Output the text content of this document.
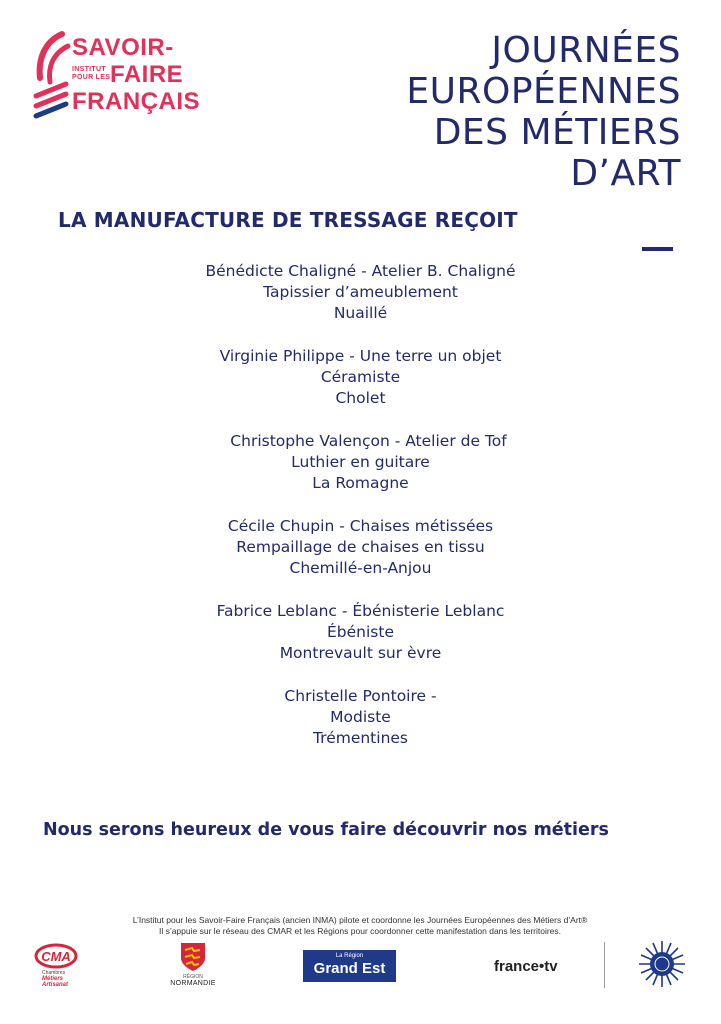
SAVOIR-
INSTITUT
POUR LES FAIRE
FRANÇAIS
JOURNÉES
EUROPÉENNES
DES MÉTIERS
D’ART
LA MANUFACTURE DE TRESSAGE REÇOIT
Bénédicte Chaligné - Atelier B. Chaligné
Tapissier d’ameublement
Nuaillé
Virginie Philippe - Une terre un objet
Céramiste
Cholet
Christophe Valençon - Atelier de Tof
Luthier en guitare
La Romagne
Cécile Chupin - Chaises métissées
Rempaillage de chaises en tissu
Chemillé-en-Anjou
Fabrice Leblanc - Ébénisterie Leblanc
Ébéniste
Montrevault sur èvre
Christelle Pontoire -
Modiste
Trémentines
Nous serons heureux de vous faire découvrir nos métiers
L’Institut pour les Savoir-Faire Français (ancien INMA) pilote et coordonne les Journées Européennes des Métiers d’Art®
Il s’appuie sur le réseau des CMAR et les Régions pour coordonner cette manifestation dans les territoires.
CMA
Chambres
Métiers
Artisanat
RÉGION
NORMANDIE
La Région
Grand Est	france•tv
